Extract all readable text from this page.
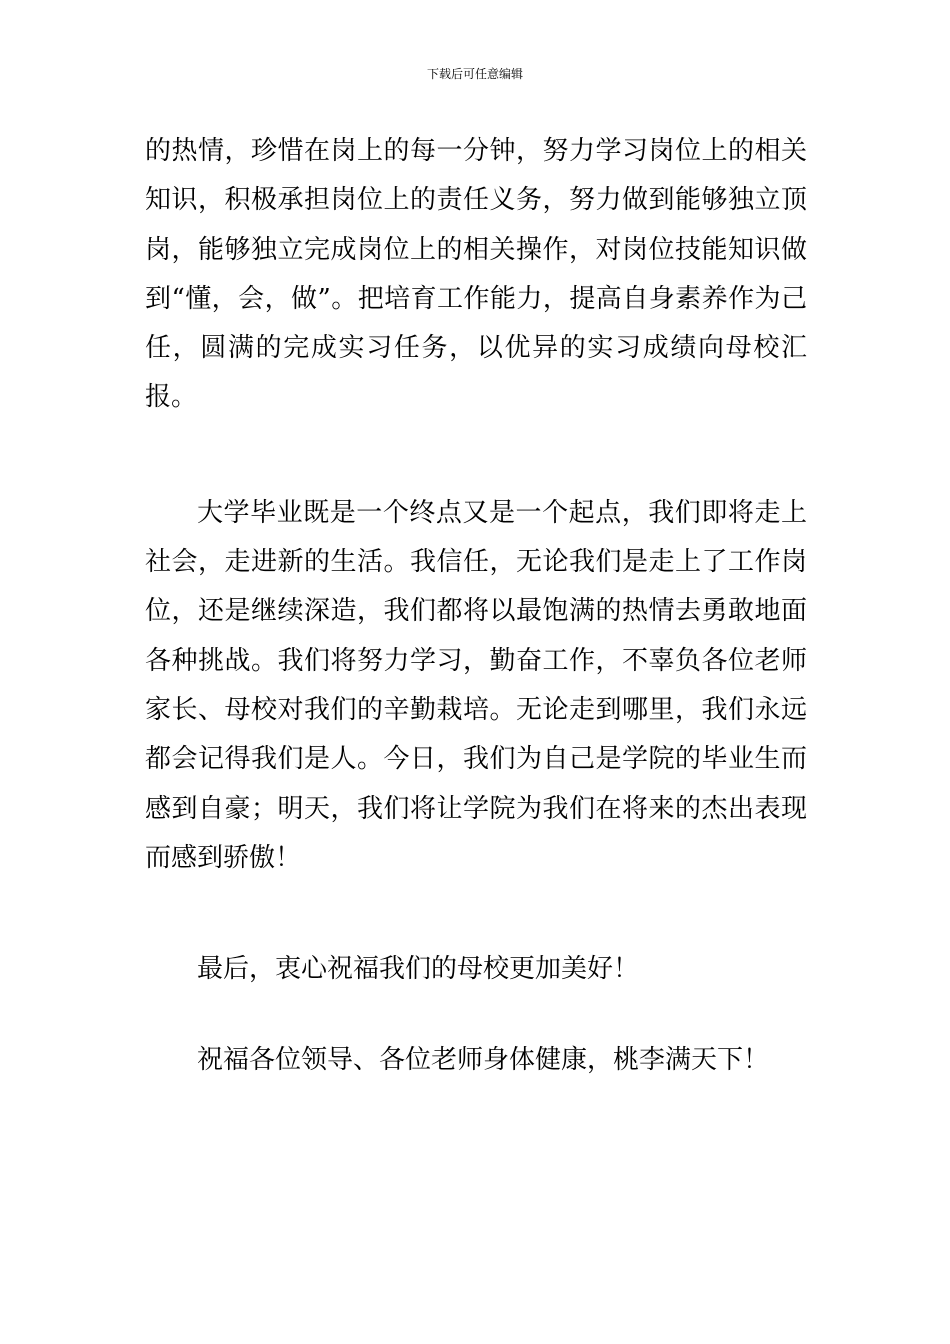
下载后可任意编辑

的热情，珍惜在岗上的每一分钟，努力学习岗位上的相关知识，积极承担岗位上的责任义务，努力做到能够独立顶岗，能够独立完成岗位上的相关操作，对岗位技能知识做到“懂，会，做”。把培育工作能力，提高自身素养作为己任，圆满的完成实习任务，以优异的实习成绩向母校汇报。

大学毕业既是一个终点又是一个起点，我们即将走上社会，走进新的生活。我信任，无论我们是走上了工作岗位，还是继续深造，我们都将以最饱满的热情去勇敢地面各种挑战。我们将努力学习，勤奋工作，不辜负各位老师家长、母校对我们的辛勤栽培。无论走到哪里，我们永远都会记得我们是人。今日，我们为自己是学院的毕业生而感到自豪；明天，我们将让学院为我们在将来的杰出表现而感到骄傲！

最后，衷心祝福我们的母校更加美好！

祝福各位领导、各位老师身体健康，桃李满天下！
